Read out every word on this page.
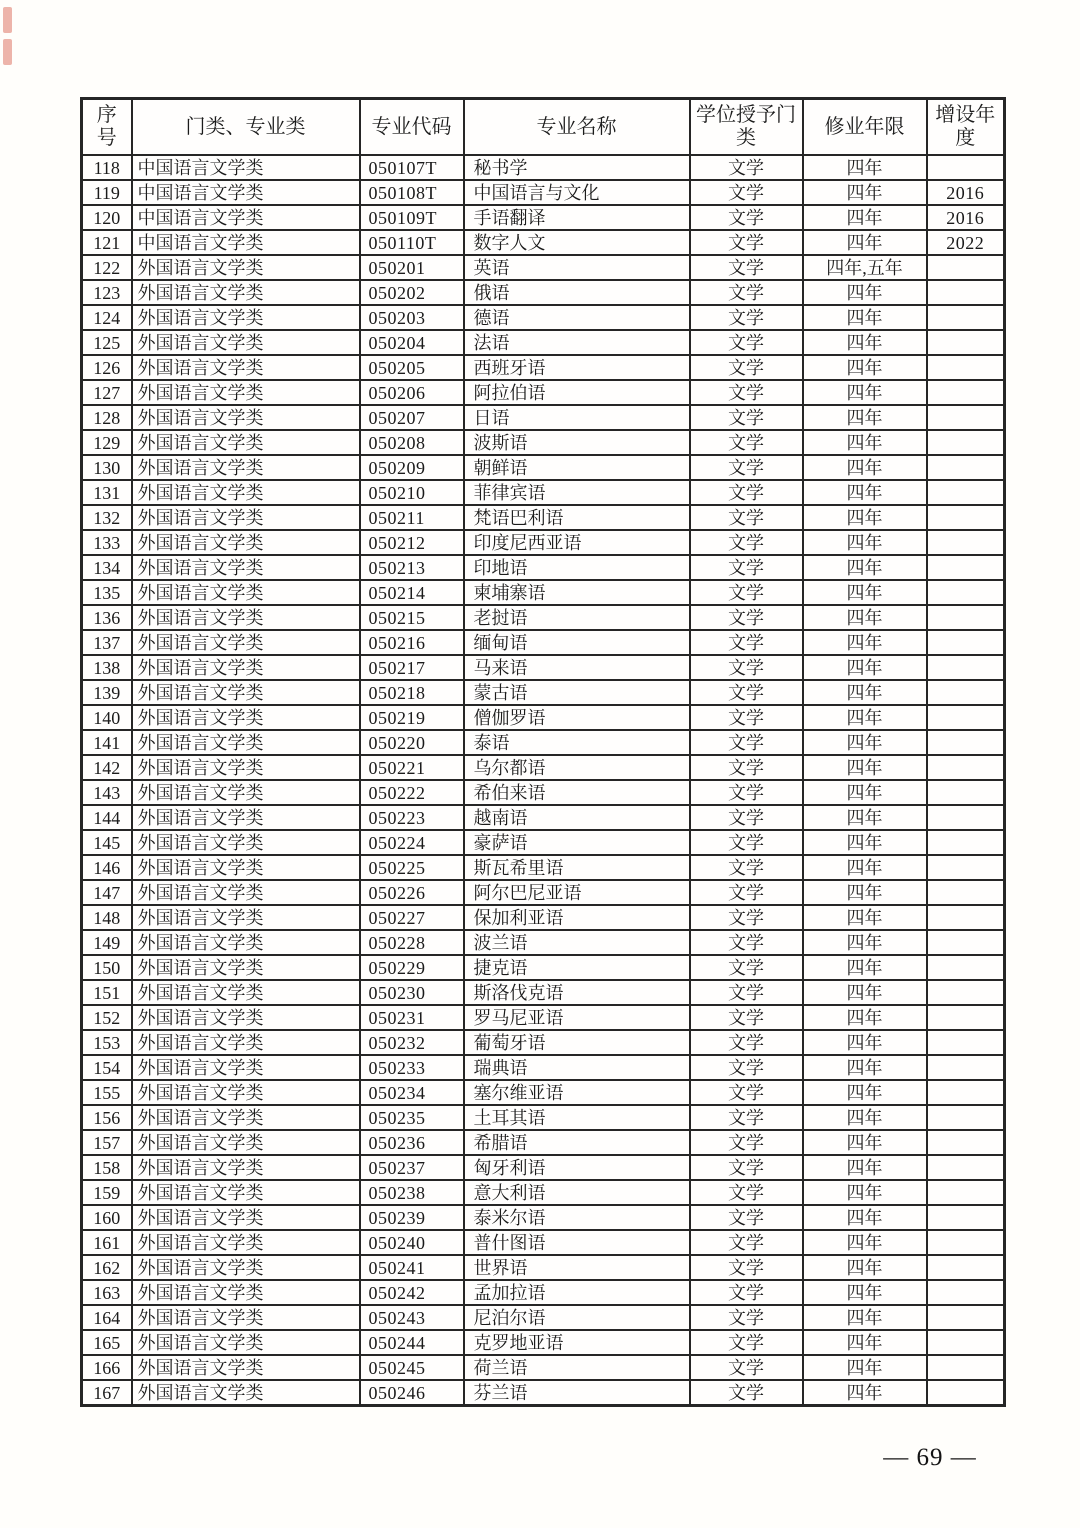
序号	门类、专业类	专业代码	专业名称	学位授予门类	修业年限	增设年度
118	中国语言文学类	050107T	秘书学	文学	四年	
119	中国语言文学类	050108T	中国语言与文化	文学	四年	2016
120	中国语言文学类	050109T	手语翻译	文学	四年	2016
121	中国语言文学类	050110T	数字人文	文学	四年	2022
122	外国语言文学类	050201	英语	文学	四年,五年	
123	外国语言文学类	050202	俄语	文学	四年	
124	外国语言文学类	050203	德语	文学	四年	
125	外国语言文学类	050204	法语	文学	四年	
126	外国语言文学类	050205	西班牙语	文学	四年	
127	外国语言文学类	050206	阿拉伯语	文学	四年	
128	外国语言文学类	050207	日语	文学	四年	
129	外国语言文学类	050208	波斯语	文学	四年	
130	外国语言文学类	050209	朝鲜语	文学	四年	
131	外国语言文学类	050210	菲律宾语	文学	四年	
132	外国语言文学类	050211	梵语巴利语	文学	四年	
133	外国语言文学类	050212	印度尼西亚语	文学	四年	
134	外国语言文学类	050213	印地语	文学	四年	
135	外国语言文学类	050214	柬埔寨语	文学	四年	
136	外国语言文学类	050215	老挝语	文学	四年	
137	外国语言文学类	050216	缅甸语	文学	四年	
138	外国语言文学类	050217	马来语	文学	四年	
139	外国语言文学类	050218	蒙古语	文学	四年	
140	外国语言文学类	050219	僧伽罗语	文学	四年	
141	外国语言文学类	050220	泰语	文学	四年	
142	外国语言文学类	050221	乌尔都语	文学	四年	
143	外国语言文学类	050222	希伯来语	文学	四年	
144	外国语言文学类	050223	越南语	文学	四年	
145	外国语言文学类	050224	豪萨语	文学	四年	
146	外国语言文学类	050225	斯瓦希里语	文学	四年	
147	外国语言文学类	050226	阿尔巴尼亚语	文学	四年	
148	外国语言文学类	050227	保加利亚语	文学	四年	
149	外国语言文学类	050228	波兰语	文学	四年	
150	外国语言文学类	050229	捷克语	文学	四年	
151	外国语言文学类	050230	斯洛伐克语	文学	四年	
152	外国语言文学类	050231	罗马尼亚语	文学	四年	
153	外国语言文学类	050232	葡萄牙语	文学	四年	
154	外国语言文学类	050233	瑞典语	文学	四年	
155	外国语言文学类	050234	塞尔维亚语	文学	四年	
156	外国语言文学类	050235	土耳其语	文学	四年	
157	外国语言文学类	050236	希腊语	文学	四年	
158	外国语言文学类	050237	匈牙利语	文学	四年	
159	外国语言文学类	050238	意大利语	文学	四年	
160	外国语言文学类	050239	泰米尔语	文学	四年	
161	外国语言文学类	050240	普什图语	文学	四年	
162	外国语言文学类	050241	世界语	文学	四年	
163	外国语言文学类	050242	孟加拉语	文学	四年	
164	外国语言文学类	050243	尼泊尔语	文学	四年	
165	外国语言文学类	050244	克罗地亚语	文学	四年	
166	外国语言文学类	050245	荷兰语	文学	四年	
167	外国语言文学类	050246	芬兰语	文学	四年	
— 69 —
